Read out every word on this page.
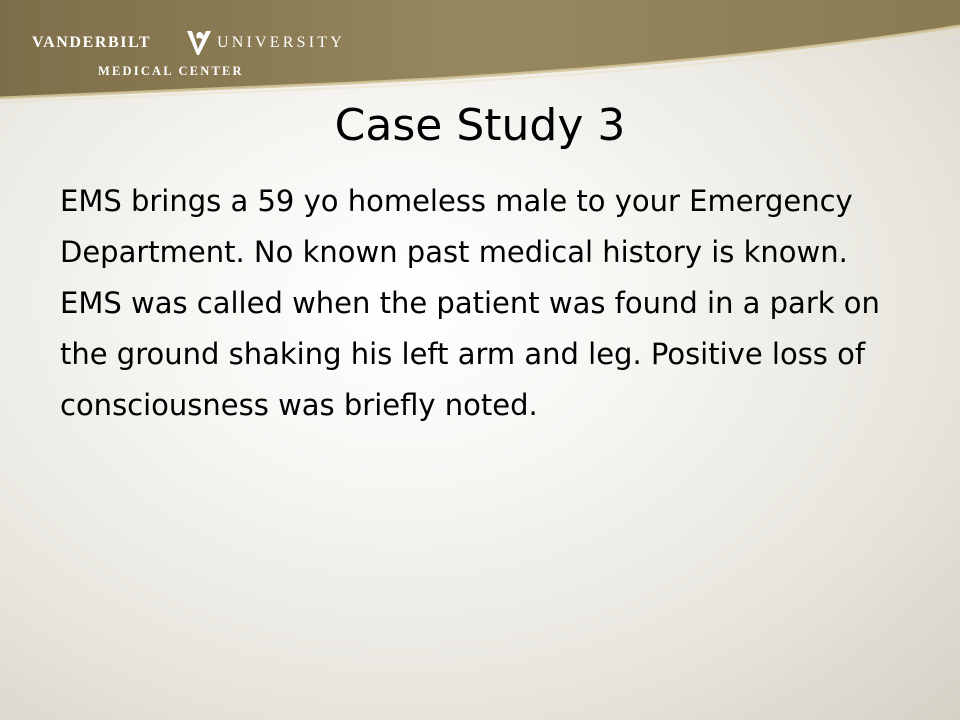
VANDERBILT	UNIVERSITY
MEDICAL CENTER
Case Study 3

EMS brings a 59 yo homeless male to your Emergency Department. No known past medical history is known. EMS was called when the patient was found in a park on the ground shaking his left arm and leg. Positive loss of consciousness was briefly noted.
